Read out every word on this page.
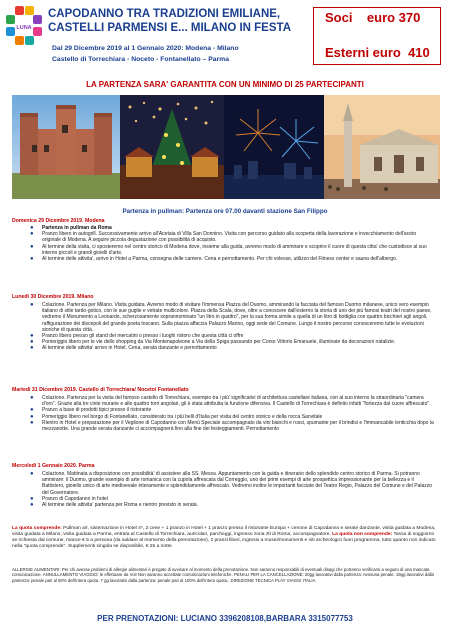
LUNA
CAPODANNO TRA TRADIZIONI EMILIANE,
CASTELLI PARMENSI E... MILANO IN FESTA
Dal 29 Dicembre 2019 al 1 Gennaio 2020: Modena - Milano
Castello di Torrechiara - Noceto - Fontanellato – Parma
Soci    euro 370
Esterni euro  410
LA PARTENZA SARA' GARANTITA CON UN MINIMO DI 25 PARTECIPANTI
Partenza in pullman: Partenza ore 07.00 davanti stazione San Filippo
Domenica 29 Dicembre 2019. Modena
● Partenza in pullman da Roma
● Pranzo libero in autogrill. Successivamente arrivo all'Acetaia di Villa San Donnino. Visita con percorso guidato alla scoperta della lavorazione e invecchiamento dell'aceto originale di Modena. A seguire piccola degustazione con possibilità di acquisto.
● Al termine della visita, ci sposteremo nel centro storico di Modena dove, insieme alla guida, avremo modo di ammirare e scoprire il cuore di questa citta' che custodisce al suo interno piccoli e grandi gioielli d'arte.
● Al termine delle attivita', arrivo in Hotel a Parma, consegna delle camere. Cena e pernottamento. Per chi volesse, utilizzo del Fitness center e sauna dell'albergo.
Lunedì 30 Dicembre 2019. Milano
● Colazione. Partenza per Milano. Visita guidata. Avremo modo di visitare l'immensa Piazza del Duomo, ammirando la facciata del famoso Duomo milanese, unico vero esempio italiano di stile tardo-gotico, con le sue guglie e vetrate multicolore. Piazza della Scala, dove, oltre a conoscere dall'esterno la storia di uno dei più famosi teatri del nostro paese, vedremo il Monumento a Leonardo, scherzosamente soprannominato "un litro in quattro", per la sua forma simile a quella di un litro di bottiglia con quattro bicchieri agli angoli, raffigurazione dei discepoli del grande poeta toscano. Sulla piazza affaccia Palazzo Marino, oggi sede del Comune. Lungo il nostro percorso conosceremo tutte le evoluzioni storiche di questa città.
● Pranzo libero presso gli stand dei mercatini o presso i luoghi ristoro che questa città ci offre
● Pomeriggio libero per le vie dello shopping da Via Montenapoleone a Via della Spiga passando per Corso Vittorio Emanuele, illuminate da decorazioni natalizie.
● Al termine delle attivita' arrivo in Hotel. Cena, serata danzante e pernottamento
Martedì 31 Dicembre 2019. Castello di Torrechiara/ Noceto/ Fontanellato
● Colazione. Partenza per la visita del famoso castello di Torrechiara, esempio tra i più' significativi di architettura castellare italiana, con al suo interno la straordinaria "camera d'oro". Grazie alla tre cinte murarie e alle quattro torri angolari, gli è stata attribuita la funzione difensiva. Il Castello di Torrechiara è definito infatti "fortezza dal cuore affrescato".
● Pranzo a base di prodotti tipici presso il ristorante
● Pomeriggio libero nel borgo di Fontanellato, considerato tra i più belli d'Italia per visita del centro storico e della rocca Sanvitale
● Rientro in Hotel e preparazione per il Veglione di Capodanno con Menù Speciale accompagnato da vini bianchi e rossi, spumante per il brindisi e l'immancabile lenticchia dopo la mezzanotte. Una grande serata danzante ci accompagnerà fino alla fine dei festeggiamenti. Pernottamento
Mercoledì 1 Gennaio 2020. Parma
● Colazione. Mattinata a disposizione con possibilità' di assistere alla SS. Messa. Appuntamento con la guida e itinerario dello splendido centro storico di Parma. Si potranno ammirare: il Duomo, grande esempio di arte romanica con la cupola affrescata dal Correggio, uno dei primi esempi di arte prospettica impressionante per la bellezza e il Battistero, gioiello unico di arte medioevale interamente e splendidamente affrescato. Vedremo inoltre le importanti facciate del Teatro Regio, Palazzo del Comune e del Palazzo del Governatore.
● Pranzo di Capodanno in hotel
● Al termine delle attivita' partenza per Roma e rientro previsto in serata.
La quota comprende: Pullman a/r, sistemazione in Hotel 4*, 2 cene + 1 pranzo in Hotel + 1 pranzo presso il ristorante Europa + cenone di Capodanno e serate danzante, visita guidata a Modena, visita guidata a Milano, visita guidata a Parma, entrata al Castello di Torrechiara, auricolari, parcheggi, ingresso zona ztl di Roma, accompagnatore. La quota non comprende: Tassa di soggiorno se richiesta dal comune, mance € 5 a persona (da saldare al momento della prenotazione), 2 pranzi liberi, ingressi a musei/monumenti e siti archeologici fuori programma, tutto quanto non indicato nella "quota comprende". Supplementi singola se disponibile, € 25 a notte.
ALLERGIE ALIMENTARI: Per chi avesse problemi di allergie alimentari è pregato di avvisare al momento della prenotazione. Non saranno responsabili di eventuali disagi che potranno verificarsi a seguito di una mancata comunicazione. ANNULLAMENTO VIAGGIO: le effettuare da Voi! Non saranno accettate comunicazioni telefoniche. PENALI PER LA CANCELLAZIONE: 20gg lavorativi dalla partenza: nessuna penale. 19gg lavorativi dalla partenza: penale pari al 50% dell'intera quota. 7 gg lavorativi dalla partenza: penale pari al 100% dell'intera quota.. DIREZIONE TECNICA PLAY VIAGGI ITALIA
PER PRENOTAZIONI: LUCIANO 3396208108,BARBARA 3315077753
